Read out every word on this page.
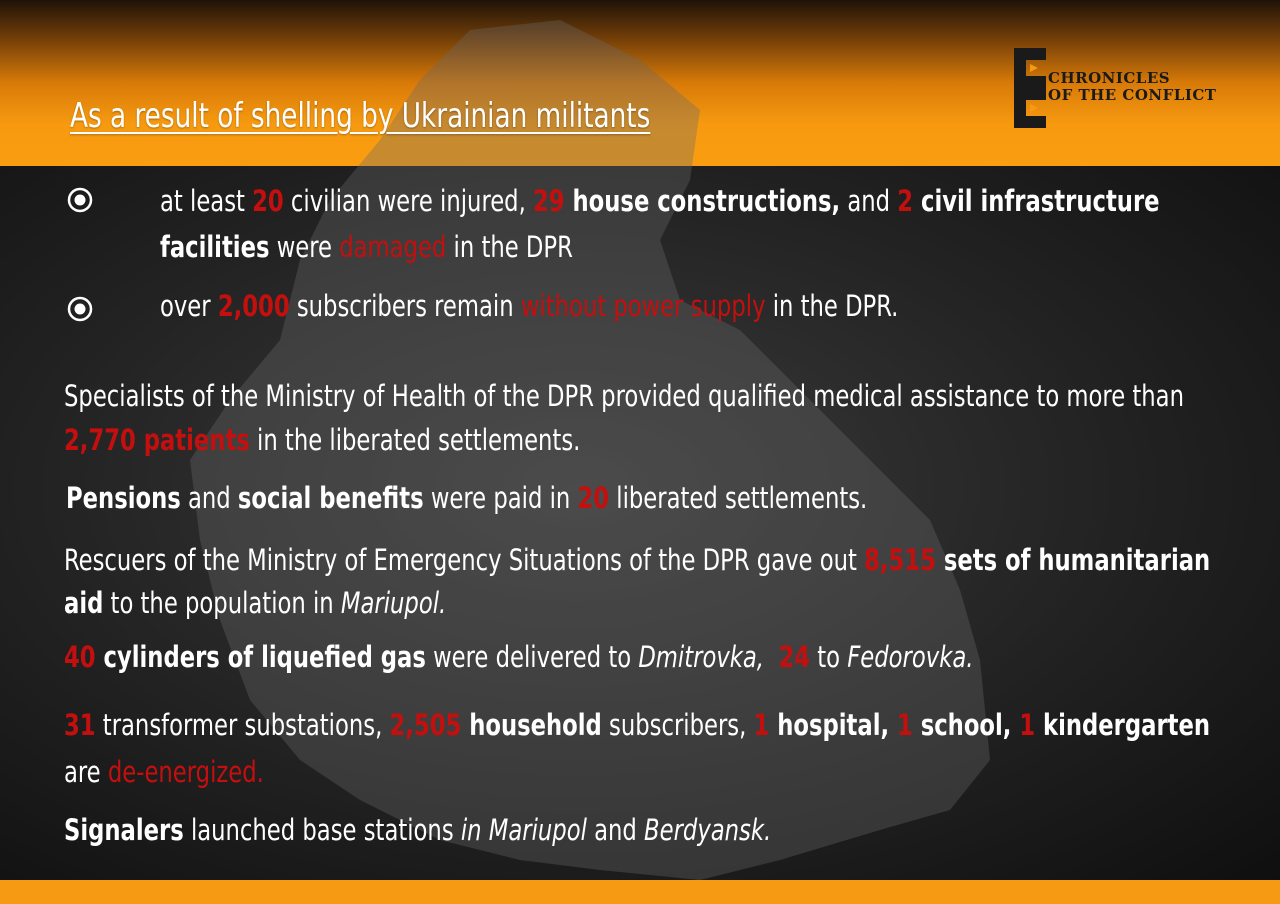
As a result of shelling by Ukrainian militants
CHRONICLES
OF THE CONFLICT
at least 20 civilian were injured, 29 house constructions, and 2 civil infrastructure
facilities were damaged in the DPR
over 2,000 subscribers remain without power supply in the DPR.
Specialists of the Ministry of Health of the DPR provided qualified medical assistance to more than
2,770 patients in the liberated settlements.
Pensions and social benefits were paid in 20 liberated settlements.
Rescuers of the Ministry of Emergency Situations of the DPR gave out 8,515 sets of humanitarian
aid to the population in Mariupol.
40 cylinders of liquefied gas were delivered to Dmitrovka, 24 to Fedorovka.
31 transformer substations, 2,505 household subscribers, 1 hospital, 1 school, 1 kindergarten
are de-energized.
Signalers launched base stations in Mariupol and Berdyansk.
